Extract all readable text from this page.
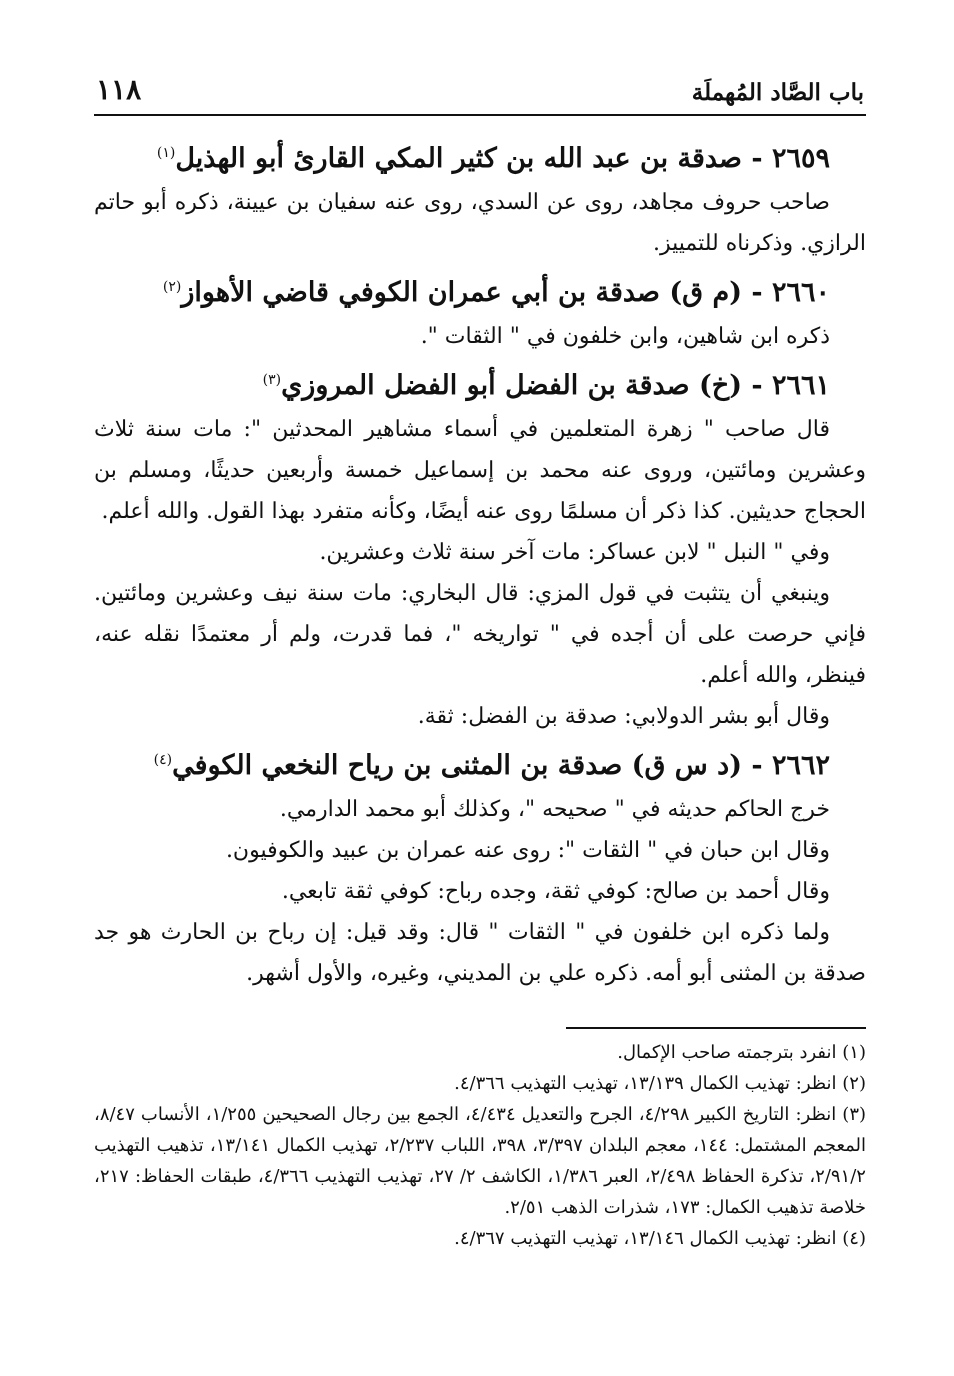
باب الصَّاد المُهملَة
١١٨
٢٦٥٩ - صدقة بن عبد الله بن كثير المكي القارئ أبو الهذيل$^{(١)}$

صاحب حروف مجاهد، روى عن السدي، روى عنه سفيان بن عيينة، ذكره أبو حاتم الرازي. وذكرناه للتمييز.

٢٦٦٠ - (م ق) صدقة بن أبي عمران الكوفي قاضي الأهواز$^{(٢)}$

ذكره ابن شاهين، وابن خلفون في " الثقات ".

٢٦٦١ - (خ) صدقة بن الفضل أبو الفضل المروزي$^{(٣)}$

قال صاحب " زهرة المتعلمين في أسماء مشاهير المحدثين ": مات سنة ثلاث وعشرين ومائتين، وروى عنه محمد بن إسماعيل خمسة وأربعين حديثًا، ومسلم بن الحجاج حديثين. كذا ذكر أن مسلمًا روى عنه أيضًا، وكأنه متفرد بهذا القول. والله أعلم.

وفي " النبل " لابن عساكر: مات آخر سنة ثلاث وعشرين.

وينبغي أن يتثبت في قول المزي: قال البخاري: مات سنة نيف وعشرين ومائتين. فإني حرصت على أن أجده في " تواريخه "، فما قدرت، ولم أر معتمدًا نقله عنه، فينظر، والله أعلم.

وقال أبو بشر الدولابي: صدقة بن الفضل: ثقة.

٢٦٦٢ - (د س ق) صدقة بن المثنى بن رياح النخعي الكوفي$^{(٤)}$

خرج الحاكم حديثه في " صحيحه "، وكذلك أبو محمد الدارمي.

وقال ابن حبان في " الثقات ": روى عنه عمران بن عبيد والكوفيون.

وقال أحمد بن صالح: كوفي ثقة، وجده رباح: كوفي ثقة تابعي.

ولما ذكره ابن خلفون في " الثقات " قال: وقد قيل: إن رباح بن الحارث هو جد صدقة بن المثنى أبو أمه. ذكره علي بن المديني، وغيره، والأول أشهر.

(١) انفرد بترجمته صاحب الإكمال.
(٢) انظر: تهذيب الكمال ١٣/١٣٩، تهذيب التهذيب ٤/٣٦٦.
(٣) انظر: التاريخ الكبير ٤/٢٩٨، الجرح والتعديل ٤/٤٣٤، الجمع بين رجال الصحيحين ١/٢٥٥، الأنساب ٨/٤٧، المعجم المشتمل: ١٤٤، معجم البلدان ٣/٣٩٧، ٣٩٨، اللباب ٢/٢٣٧، تهذيب الكمال ١٣/١٤١، تذهيب التهذيب ٢/٩١/٢، تذكرة الحفاظ ٢/٤٩٨، العبر ١/٣٨٦، الكاشف ٢/ ٢٧، تهذيب التهذيب ٤/٣٦٦، طبقات الحفاظ: ٢١٧، خلاصة تذهيب الكمال: ١٧٣، شذرات الذهب ٢/٥١.
(٤) انظر: تهذيب الكمال ١٣/١٤٦، تهذيب التهذيب ٤/٣٦٧.
